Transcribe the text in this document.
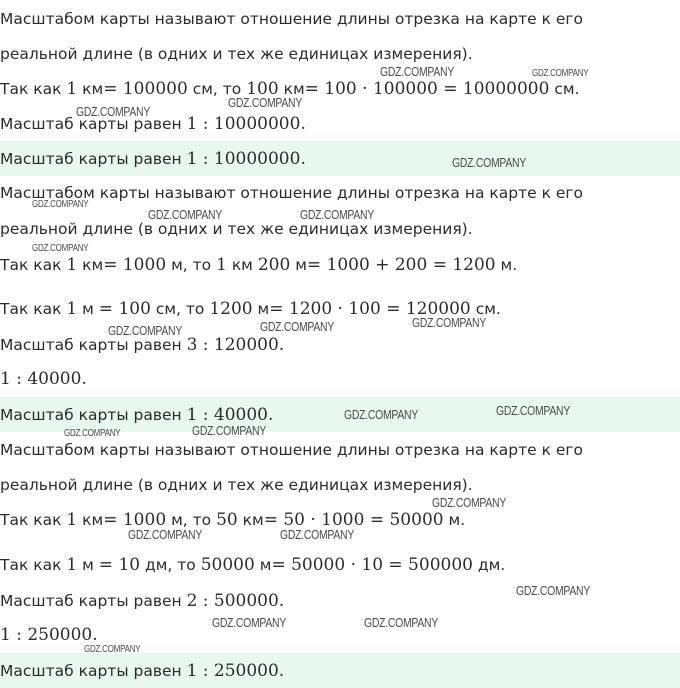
Масштабом карты называют отношение длины отрезка на карте к его
реальной длине (в одних и тех же единицах измерения).
Так как 1 км= 100000 см, то 100 км= 100 · 100000 = 10000000 см.
Масштаб карты равен 1 : 10000000.
Масштаб карты равен 1 : 10000000.
Масштабом карты называют отношение длины отрезка на карте к его
реальной длине (в одних и тех же единицах измерения).
Так как 1 км= 1000 м, то 1 км 200 м= 1000 + 200 = 1200 м.
Так как 1 м = 100 см, то 1200 м= 1200 · 100 = 120000 см.
Масштаб карты равен 3 : 120000.
1 : 40000.
Масштаб карты равен 1 : 40000.
Масштабом карты называют отношение длины отрезка на карте к его
реальной длине (в одних и тех же единицах измерения).
Так как 1 км= 1000 м, то 50 км= 50 · 1000 = 50000 м.
Так как 1 м = 10 дм, то 50000 м= 50000 · 10 = 500000 дм.
Масштаб карты равен 2 : 500000.
1 : 250000.
Масштаб карты равен 1 : 250000.
GDZ.COMPANY	GDZ.COMPANY
GDZ.COMPANY
GDZ.COMPANY
GDZ.COMPANY
GDZ.COMPANY
GDZ.COMPANY	GDZ.COMPANY
GDZ.COMPANY
GDZ.COMPANY
GDZ.COMPANY
GDZ.COMPANY
GDZ.COMPANY
GDZ.COMPANY
GDZ.COMPANY
GDZ.COMPANY
GDZ.COMPANY
GDZ.COMPANY	GDZ.COMPANY
GDZ.COMPANY
GDZ.COMPANY	GDZ.COMPANY
GDZ.COMPANY
